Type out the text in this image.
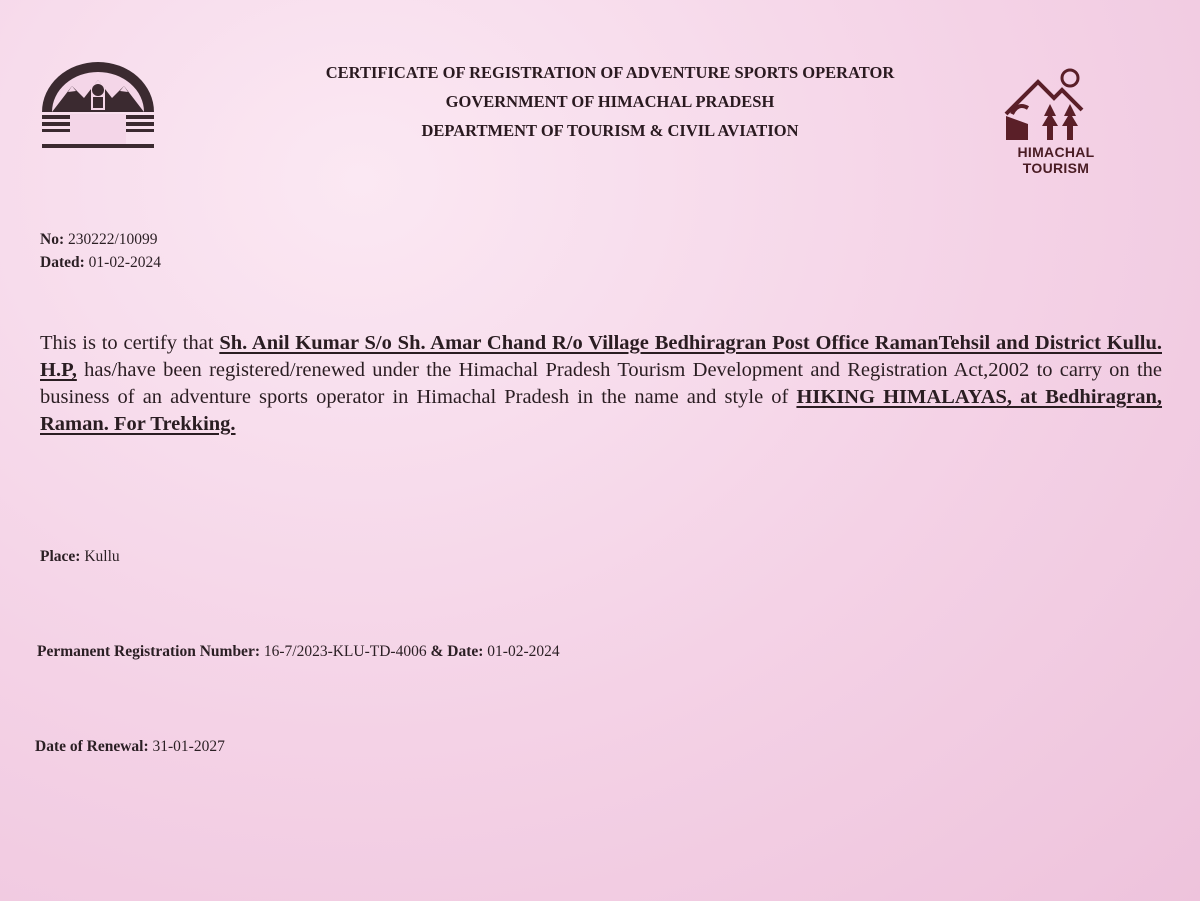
CERTIFICATE OF REGISTRATION OF ADVENTURE SPORTS OPERATOR
GOVERNMENT OF HIMACHAL PRADESH
DEPARTMENT OF TOURISM & CIVIL AVIATION
HIMACHAL
TOURISM
No: 230222/10099
Dated: 01-02-2024
This is to certify that Sh. Anil Kumar S/o Sh. Amar Chand R/o Village Bedhiragran Post Office RamanTehsil and District Kullu. H.P, has/have been registered/renewed under the Himachal Pradesh Tourism Development and Registration Act,2002 to carry on the business of an adventure sports operator in Himachal Pradesh in the name and style of HIKING HIMALAYAS, at Bedhiragran, Raman. For Trekking.
Place: Kullu
Permanent Registration Number: 16-7/2023-KLU-TD-4006 & Date: 01-02-2024
Date of Renewal: 31-01-2027
